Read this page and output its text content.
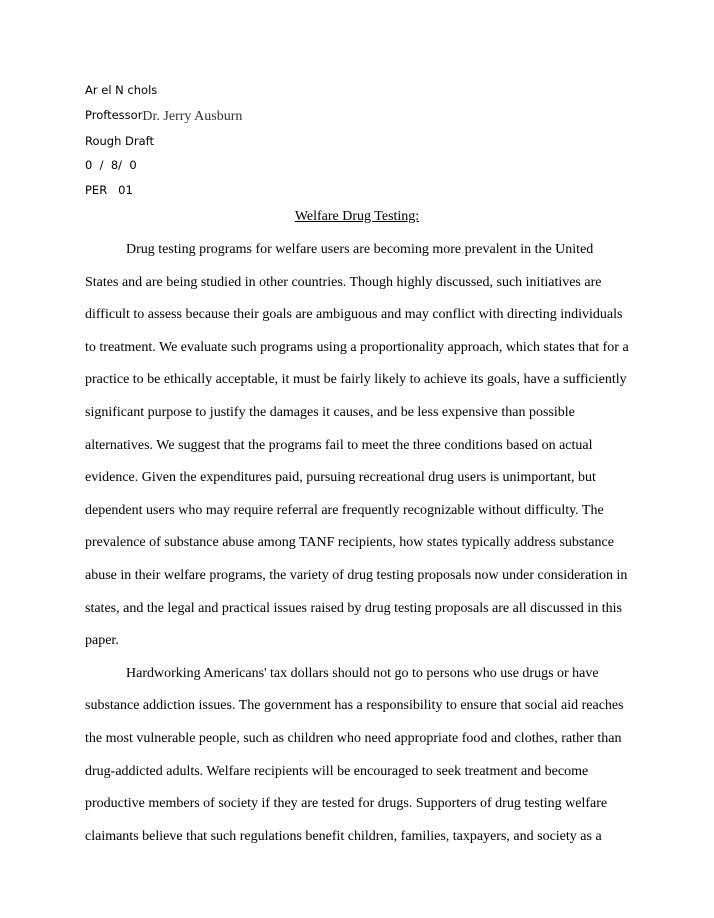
Ar el N chols
ProftessorDr. Jerry Ausburn
Rough Draft
0  /  8/  0
PER   01
Welfare Drug Testing:
Drug testing programs for welfare users are becoming more prevalent in the United
States and are being studied in other countries. Though highly discussed, such initiatives are
difficult to assess because their goals are ambiguous and may conflict with directing individuals
to treatment. We evaluate such programs using a proportionality approach, which states that for a
practice to be ethically acceptable, it must be fairly likely to achieve its goals, have a sufficiently
significant purpose to justify the damages it causes, and be less expensive than possible
alternatives. We suggest that the programs fail to meet the three conditions based on actual
evidence. Given the expenditures paid, pursuing recreational drug users is unimportant, but
dependent users who may require referral are frequently recognizable without difficulty. The
prevalence of substance abuse among TANF recipients, how states typically address substance
abuse in their welfare programs, the variety of drug testing proposals now under consideration in
states, and the legal and practical issues raised by drug testing proposals are all discussed in this
paper.
Hardworking Americans' tax dollars should not go to persons who use drugs or have
substance addiction issues. The government has a responsibility to ensure that social aid reaches
the most vulnerable people, such as children who need appropriate food and clothes, rather than
drug-addicted adults. Welfare recipients will be encouraged to seek treatment and become
productive members of society if they are tested for drugs. Supporters of drug testing welfare
claimants believe that such regulations benefit children, families, taxpayers, and society as a
